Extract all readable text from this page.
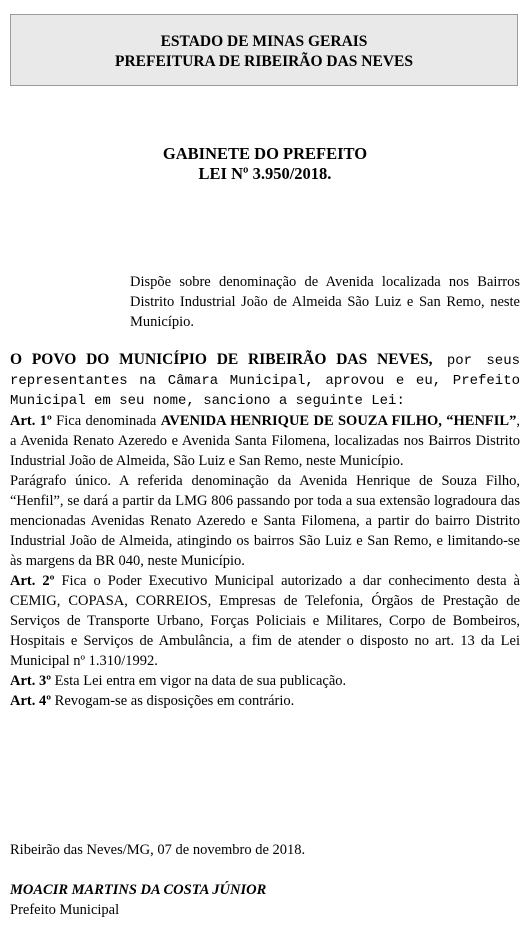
ESTADO DE MINAS GERAIS
PREFEITURA DE RIBEIRÃO DAS NEVES
GABINETE DO PREFEITO
LEI Nº 3.950/2018.
Dispõe sobre denominação de Avenida localizada nos Bairros Distrito Industrial João de Almeida São Luiz e San Remo, neste Município.

O POVO DO MUNICÍPIO DE RIBEIRÃO DAS NEVES, por seus representantes na Câmara Municipal, aprovou e eu, Prefeito Municipal em seu nome, sanciono a seguinte Lei:

Art. 1º Fica denominada AVENIDA HENRIQUE DE SOUZA FILHO, “HENFIL”, a Avenida Renato Azeredo e Avenida Santa Filomena, localizadas nos Bairros Distrito Industrial João de Almeida, São Luiz e San Remo, neste Município.

Parágrafo único. A referida denominação da Avenida Henrique de Souza Filho, “Henfil”, se dará a partir da LMG 806 passando por toda a sua extensão logradoura das mencionadas Avenidas Renato Azeredo e Santa Filomena, a partir do bairro Distrito Industrial João de Almeida, atingindo os bairros São Luiz e San Remo, e limitando-se às margens da BR 040, neste Município.

Art. 2º Fica o Poder Executivo Municipal autorizado a dar conhecimento desta à CEMIG, COPASA, CORREIOS, Empresas de Telefonia, Órgãos de Prestação de Serviços de Transporte Urbano, Forças Policiais e Militares, Corpo de Bombeiros, Hospitais e Serviços de Ambulância, a fim de atender o disposto no art. 13 da Lei Municipal nº 1.310/1992.

Art. 3º Esta Lei entra em vigor na data de sua publicação.

Art. 4º Revogam-se as disposições em contrário.

Ribeirão das Neves/MG, 07 de novembro de 2018.
MOACIR MARTINS DA COSTA JÚNIOR
Prefeito Municipal
